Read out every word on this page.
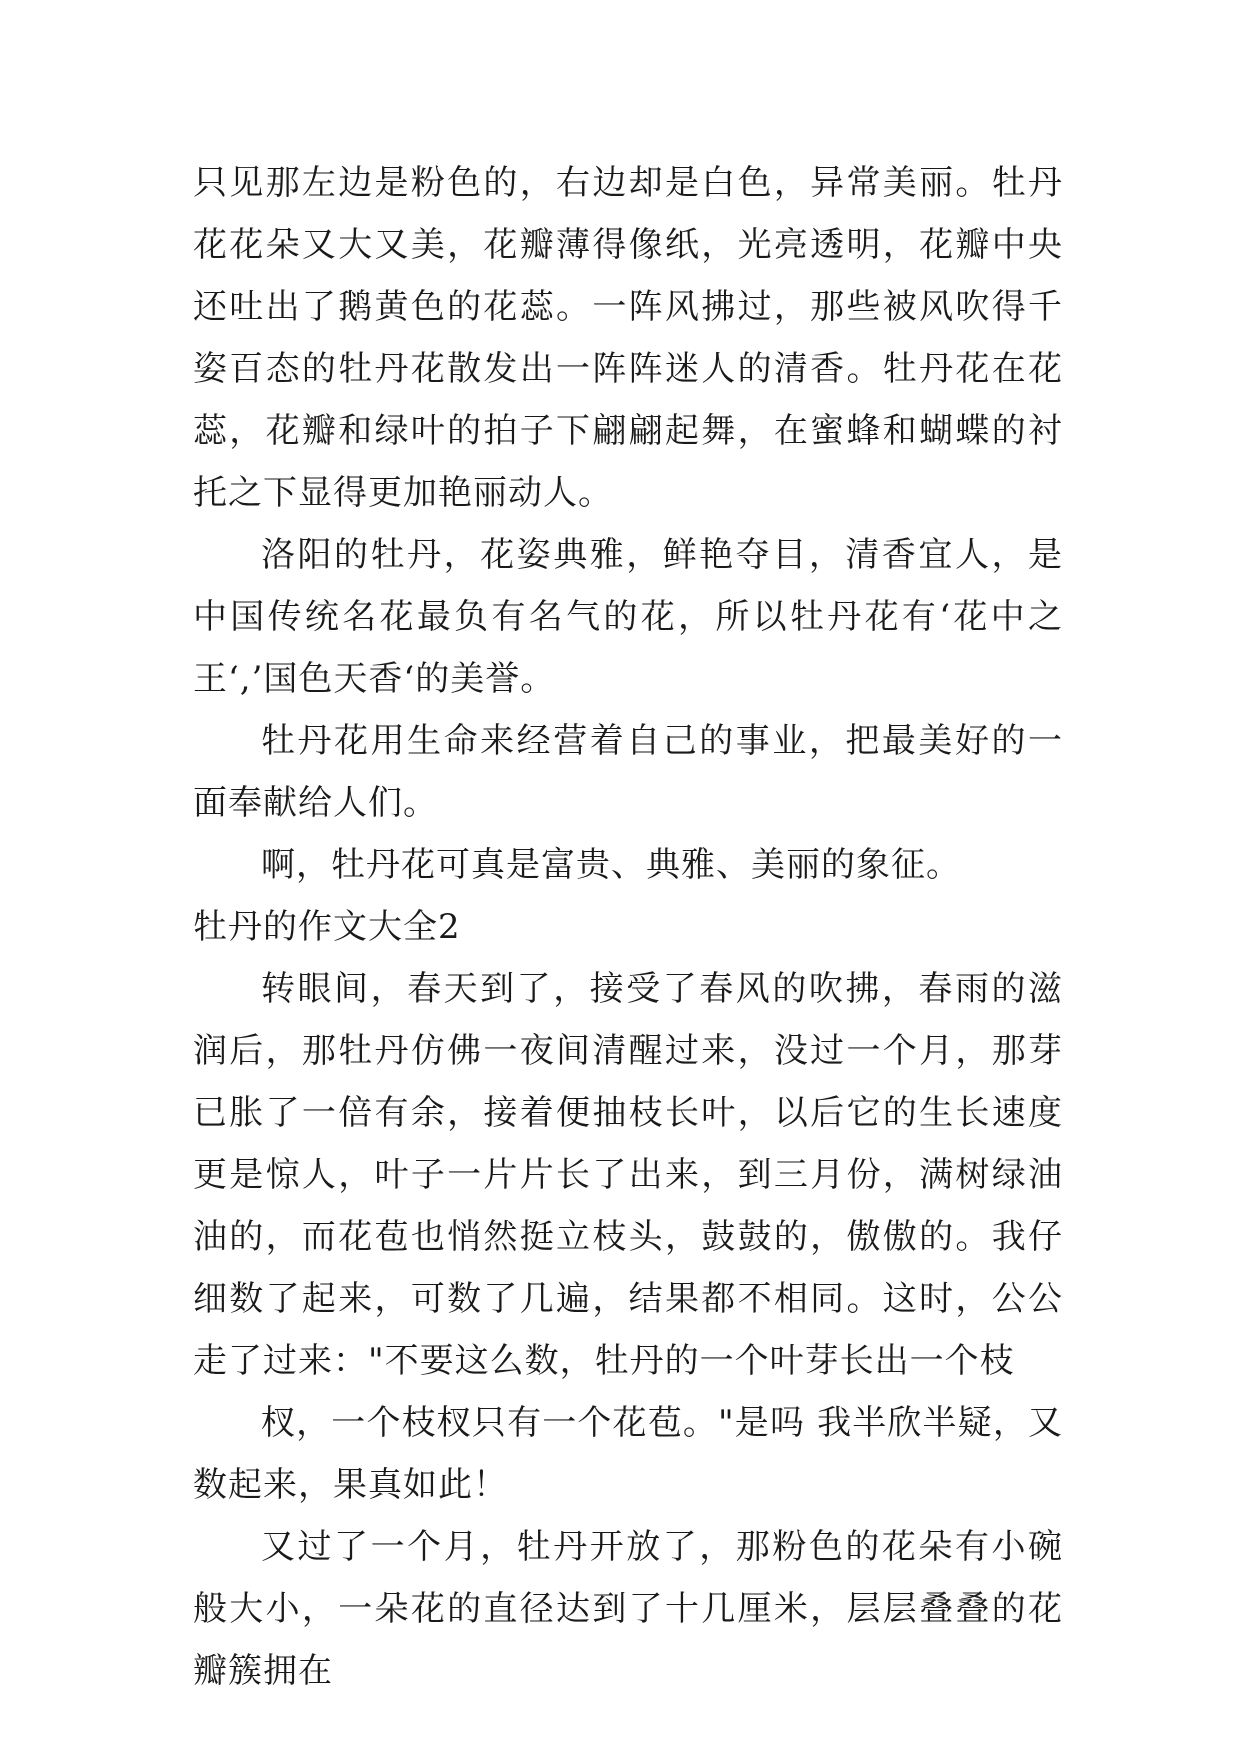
只见那左边是粉色的，右边却是白色，异常美丽。牡丹花花朵又大又美，花瓣薄得像纸，光亮透明，花瓣中央还吐出了鹅黄色的花蕊。一阵风拂过，那些被风吹得千姿百态的牡丹花散发出一阵阵迷人的清香。牡丹花在花蕊，花瓣和绿叶的拍子下翩翩起舞，在蜜蜂和蝴蝶的衬托之下显得更加艳丽动人。

洛阳的牡丹，花姿典雅，鲜艳夺目，清香宜人，是中国传统名花最负有名气的花，所以牡丹花有‘花中之王‘,’国色天香‘的美誉。

牡丹花用生命来经营着自己的事业，把最美好的一面奉献给人们。

啊，牡丹花可真是富贵、典雅、美丽的象征。

牡丹的作文大全2

转眼间，春天到了，接受了春风的吹拂，春雨的滋润后，那牡丹仿佛一夜间清醒过来，没过一个月，那芽已胀了一倍有余，接着便抽枝长叶，以后它的生长速度更是惊人，叶子一片片长了出来，到三月份，满树绿油油的，而花苞也悄然挺立枝头，鼓鼓的，傲傲的。我仔细数了起来，可数了几遍，结果都不相同。这时，公公走了过来："不要这么数，牡丹的一个叶芽长出一个枝

杈，一个枝杈只有一个花苞。"是吗 我半欣半疑，又数起来，果真如此！

又过了一个月，牡丹开放了，那粉色的花朵有小碗般大小，一朵花的直径达到了十几厘米，层层叠叠的花瓣簇拥在
